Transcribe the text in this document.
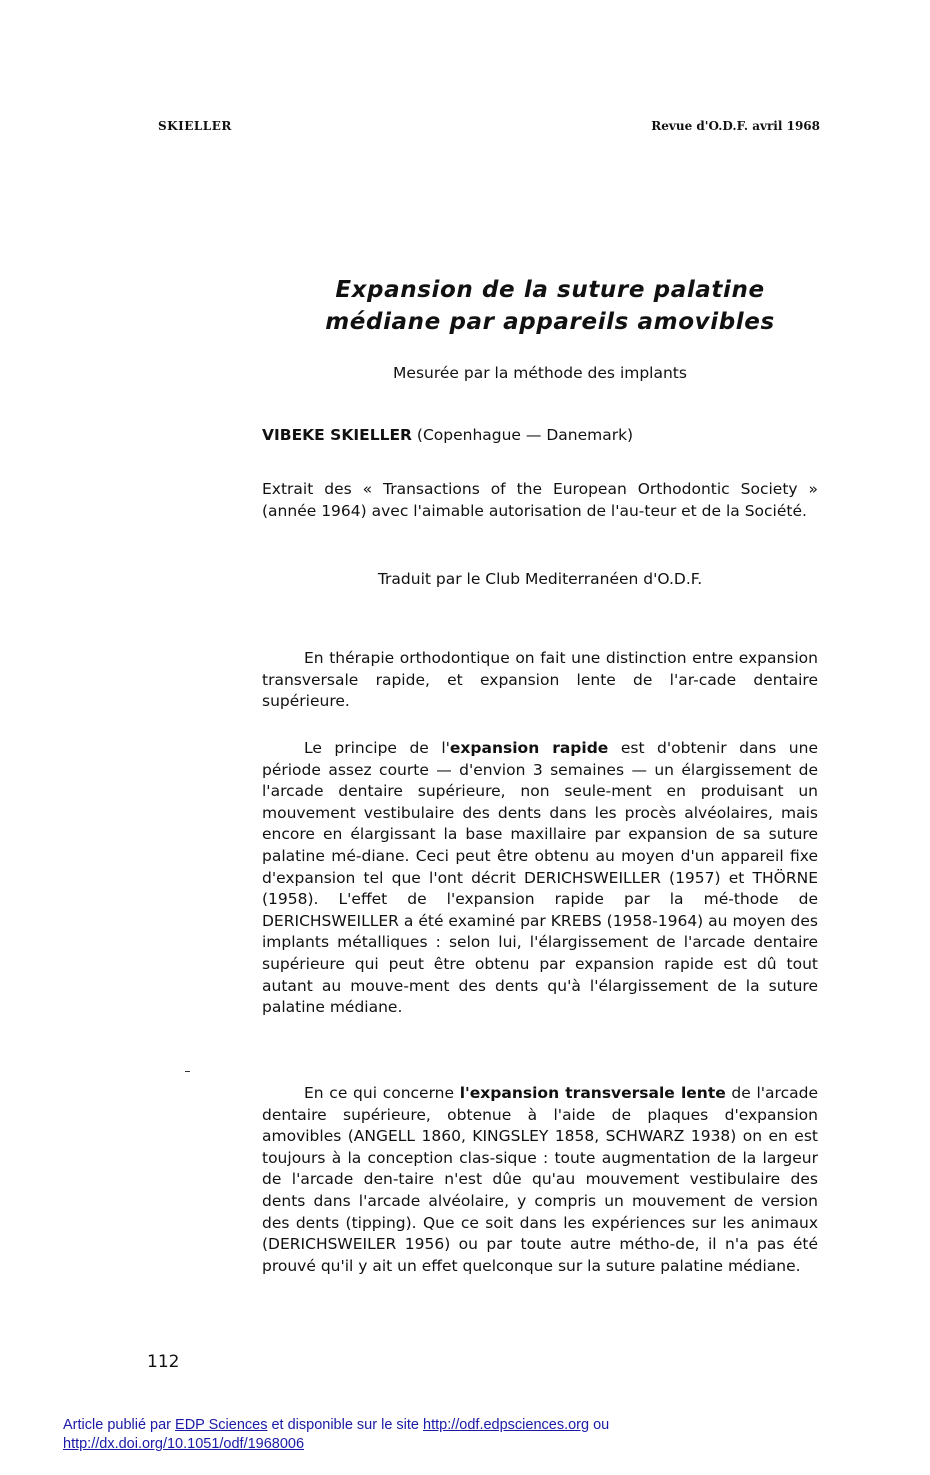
SKIELLER	Revue d'O.D.F. avril 1968
Expansion de la suture palatine
médiane par appareils amovibles
Mesurée par la méthode des implants
VIBEKE SKIELLER (Copenhague — Danemark)

Extrait des « Transactions of the European Orthodontic Society » (année 1964) avec l'aimable autorisation de l'au-teur et de la Société.

Traduit par le Club Mediterranéen d'O.D.F.

En thérapie orthodontique on fait une distinction entre expansion transversale rapide, et expansion lente de l'ar-cade dentaire supérieure.

Le principe de l'expansion rapide est d'obtenir dans une période assez courte — d'envion 3 semaines — un élargissement de l'arcade dentaire supérieure, non seule-ment en produisant un mouvement vestibulaire des dents dans les procès alvéolaires, mais encore en élargissant la base maxillaire par expansion de sa suture palatine mé-diane. Ceci peut être obtenu au moyen d'un appareil fixe d'expansion tel que l'ont décrit DERICHSWEILLER (1957) et THÖRNE (1958). L'effet de l'expansion rapide par la mé-thode de DERICHSWEILLER a été examiné par KREBS (1958-1964) au moyen des implants métalliques : selon lui, l'élargissement de l'arcade dentaire supérieure qui peut être obtenu par expansion rapide est dû tout autant au mouve-ment des dents qu'à l'élargissement de la suture palatine médiane.

En ce qui concerne l'expansion transversale lente de l'arcade dentaire supérieure, obtenue à l'aide de plaques d'expansion amovibles (ANGELL 1860, KINGSLEY 1858, SCHWARZ 1938) on en est toujours à la conception clas-sique : toute augmentation de la largeur de l'arcade den-taire n'est dûe qu'au mouvement vestibulaire des dents dans l'arcade alvéolaire, y compris un mouvement de version des dents (tipping). Que ce soit dans les expériences sur les animaux (DERICHSWEILER 1956) ou par toute autre métho-de, il n'a pas été prouvé qu'il y ait un effet quelconque sur la suture palatine médiane.

112
Article publié par EDP Sciences et disponible sur le site http://odf.edpsciences.org ou
http://dx.doi.org/10.1051/odf/1968006
